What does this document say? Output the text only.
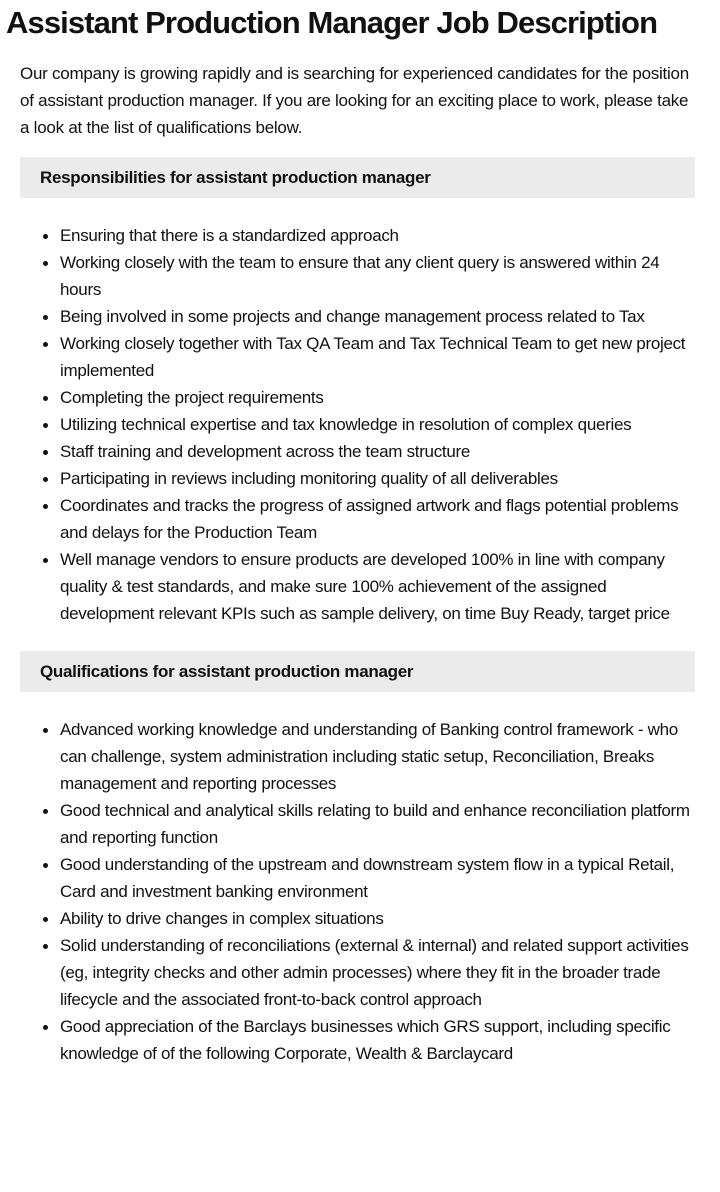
Assistant Production Manager Job Description

Our company is growing rapidly and is searching for experienced candidates for the position of assistant production manager. If you are looking for an exciting place to work, please take a look at the list of qualifications below.

Responsibilities for assistant production manager
Ensuring that there is a standardized approach
Working closely with the team to ensure that any client query is answered within 24 hours
Being involved in some projects and change management process related to Tax
Working closely together with Tax QA Team and Tax Technical Team to get new project implemented
Completing the project requirements
Utilizing technical expertise and tax knowledge in resolution of complex queries
Staff training and development across the team structure
Participating in reviews including monitoring quality of all deliverables
Coordinates and tracks the progress of assigned artwork and flags potential problems and delays for the Production Team
Well manage vendors to ensure products are developed 100% in line with company quality & test standards, and make sure 100% achievement of the assigned development relevant KPIs such as sample delivery, on time Buy Ready, target price
Qualifications for assistant production manager
Advanced working knowledge and understanding of Banking control framework - who can challenge, system administration including static setup, Reconciliation, Breaks management and reporting processes
Good technical and analytical skills relating to build and enhance reconciliation platform and reporting function
Good understanding of the upstream and downstream system flow in a typical Retail, Card and investment banking environment
Ability to drive changes in complex situations
Solid understanding of reconciliations (external & internal) and related support activities (eg, integrity checks and other admin processes) where they fit in the broader trade lifecycle and the associated front-to-back control approach
Good appreciation of the Barclays businesses which GRS support, including specific knowledge of of the following Corporate, Wealth & Barclaycard
